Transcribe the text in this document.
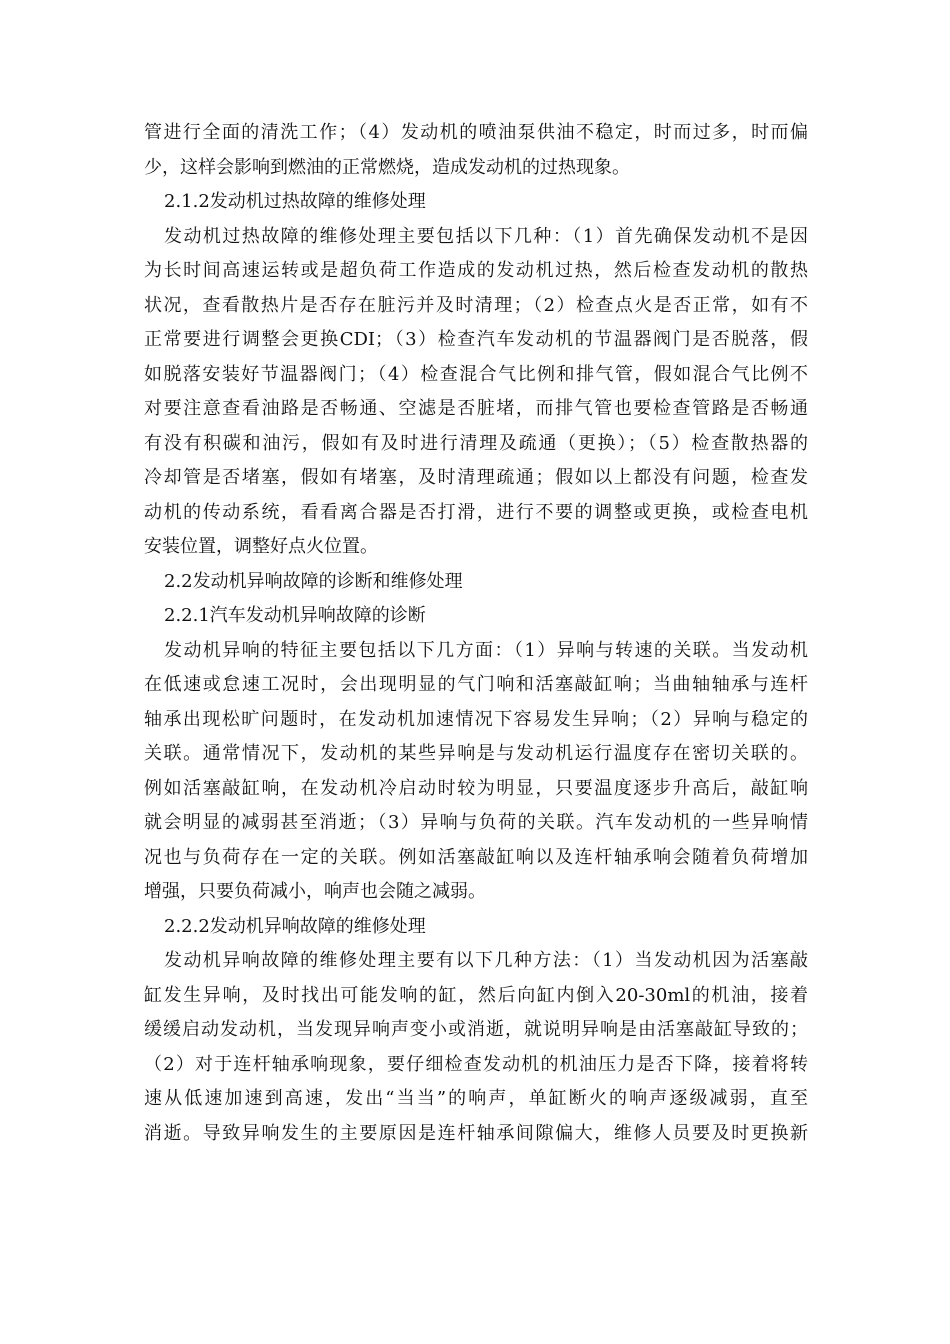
管进行全面的清洗工作；（4）发动机的喷油泵供油不稳定，时而过多，时而偏
少，这样会影响到燃油的正常燃烧，造成发动机的过热现象。
2.1.2发动机过热故障的维修处理
发动机过热故障的维修处理主要包括以下几种：（1）首先确保发动机不是因
为长时间高速运转或是超负荷工作造成的发动机过热，然后检查发动机的散热
状况，查看散热片是否存在脏污并及时清理；（2）检查点火是否正常，如有不
正常要进行调整会更换CDI；（3）检查汽车发动机的节温器阀门是否脱落，假
如脱落安装好节温器阀门；（4）检查混合气比例和排气管，假如混合气比例不
对要注意查看油路是否畅通、空滤是否脏堵，而排气管也要检查管路是否畅通
有没有积碳和油污，假如有及时进行清理及疏通（更换）；（5）检查散热器的
冷却管是否堵塞，假如有堵塞，及时清理疏通；假如以上都没有问题，检查发
动机的传动系统，看看离合器是否打滑，进行不要的调整或更换，或检查电机
安装位置，调整好点火位置。
2.2发动机异响故障的诊断和维修处理
2.2.1汽车发动机异响故障的诊断
发动机异响的特征主要包括以下几方面：（1）异响与转速的关联。当发动机
在低速或怠速工况时，会出现明显的气门响和活塞敲缸响；当曲轴轴承与连杆
轴承出现松旷问题时，在发动机加速情况下容易发生异响；（2）异响与稳定的
关联。通常情况下，发动机的某些异响是与发动机运行温度存在密切关联的。
例如活塞敲缸响，在发动机冷启动时较为明显，只要温度逐步升高后，敲缸响
就会明显的减弱甚至消逝；（3）异响与负荷的关联。汽车发动机的一些异响情
况也与负荷存在一定的关联。例如活塞敲缸响以及连杆轴承响会随着负荷增加
增强，只要负荷减小，响声也会随之减弱。
2.2.2发动机异响故障的维修处理
发动机异响故障的维修处理主要有以下几种方法：（1）当发动机因为活塞敲
缸发生异响，及时找出可能发响的缸，然后向缸内倒入20-30ml的机油，接着
缓缓启动发动机，当发现异响声变小或消逝，就说明异响是由活塞敲缸导致的；
（2）对于连杆轴承响现象，要仔细检查发动机的机油压力是否下降，接着将转
速从低速加速到高速，发出“当当”的响声，单缸断火的响声逐级减弱，直至
消逝。导致异响发生的主要原因是连杆轴承间隙偏大，维修人员要及时更换新
